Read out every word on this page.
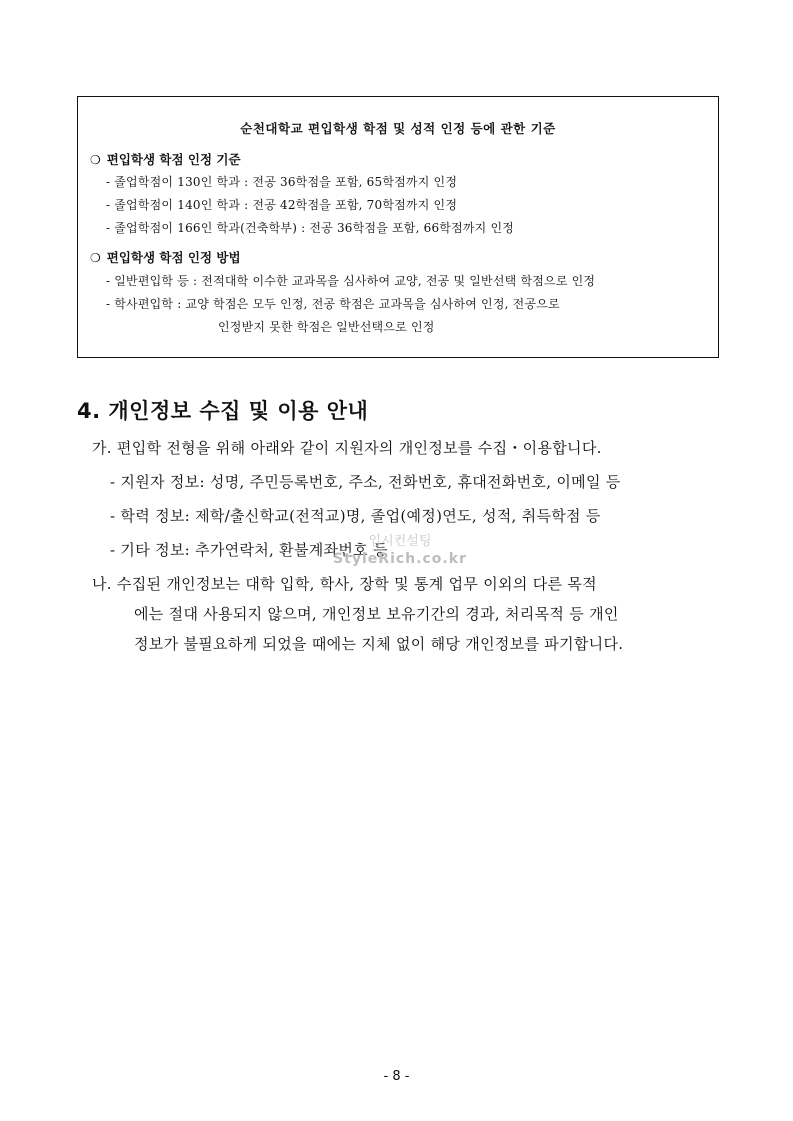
순천대학교 편입학생 학점 및 성적 인정 등에 관한 기준
❍ 편입학생 학점 인정 기준
- 졸업학점이 130인 학과 : 전공 36학점을 포함, 65학점까지 인정
- 졸업학점이 140인 학과 : 전공 42학점을 포함, 70학점까지 인정
- 졸업학점이 166인 학과(건축학부) : 전공 36학점을 포함, 66학점까지 인정
❍ 편입학생 학점 인정 방법
- 일반편입학 등 : 전적대학 이수한 교과목을 심사하여 교양, 전공 및 일반선택 학점으로 인정
- 학사편입학 : 교양 학점은 모두 인정, 전공 학점은 교과목을 심사하여 인정, 전공으로
인정받지 못한 학점은 일반선택으로 인정
4. 개인정보 수집 및 이용 안내
가. 편입학 전형을 위해 아래와 같이 지원자의 개인정보를 수집・이용합니다.
- 지원자 정보: 성명, 주민등록번호, 주소, 전화번호, 휴대전화번호, 이메일 등
- 학력 정보: 제학/출신학교(전적교)명, 졸업(예정)연도, 성적, 취득학점 등
- 기타 정보: 추가연락처, 환불계좌번호 등
나. 수집된 개인정보는 대학 입학, 학사, 장학 및 통계 업무 이외의 다른 목적
에는 절대 사용되지 않으며, 개인정보 보유기간의 경과, 처리목적 등 개인
정보가 불필요하게 되었을 때에는 지체 없이 해당 개인정보를 파기합니다.
입시컨설팅
StyleRich.co.kr
- 8 -
